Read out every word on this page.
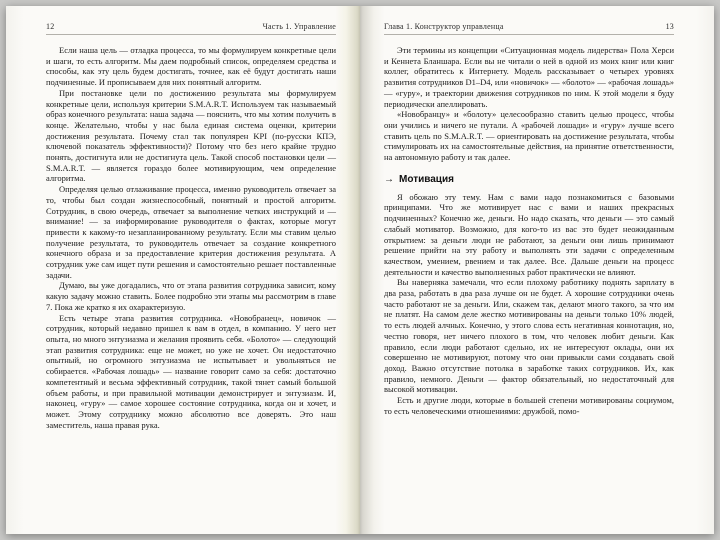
12	Часть 1. Управление

Если наша цель — отладка процесса, то мы формулируем конкретные цели и шаги, то есть алгоритм. Мы даем подробный список, определяем средства и способы, как эту цель будем достигать, точнее, как её будут достигать наши подчиненные. И прописываем для них понятный алгоритм.

При постановке цели по достижению результата мы формулируем конкретные цели, используя критерии S.M.A.R.T. Используем так называемый образ конечного результата: наша задача — пояснить, что мы хотим получить в конце. Желательно, чтобы у нас была единая система оценки, критерии достижения результата. Почему стал так популярен KPI (по-русски КПЭ, ключевой показатель эффективности)? Потому что без него крайне трудно понять, достигнута или не достигнута цель. Такой способ постановки цели — S.M.A.R.T. — является гораздо более мотивирующим, чем определение алгоритма.

Определяя целью отлаживание процесса, именно руководитель отвечает за то, чтобы был создан жизнеспособный, понятный и простой алгоритм. Сотрудник, в свою очередь, отвечает за выполнение четких инструкций и — внимание! — за информирование руководителя о фактах, которые могут привести к какому-то незапланированному результату. Если мы ставим целью получение результата, то руководитель отвечает за создание конкретного конечного образа и за предоставление критерия достижения результата. А сотрудник уже сам ищет пути решения и самостоятельно решает поставленные задачи.

Думаю, вы уже догадались, что от этапа развития сотрудника зависит, кому какую задачу можно ставить. Более подробно эти этапы мы рассмотрим в главе 7. Пока же кратко я их охарактеризую.

Есть четыре этапа развития сотрудника. «Новобранец», новичок — сотрудник, который недавно пришел к вам в отдел, в компанию. У него нет опыта, но много энтузиазма и желания проявить себя. «Болото» — следующий этап развития сотрудника: еще не может, но уже не хочет. Он недостаточно опытный, но огромного энтузиазма не испытывает и увольняться не собирается. «Рабочая лошадь» — название говорит само за себя: достаточно компетентный и весьма эффективный сотрудник, такой тянет самый большой объем работы, и при правильной мотивации демонстрирует и энтузиазм. И, наконец, «гуру» — самое хорошее состояние сотрудника, когда он и хочет, и может. Этому сотруднику можно абсолютно все доверять. Это наш заместитель, наша правая рука.

Глава 1. Конструктор управленца	13

Эти термины из концепции «Ситуационная модель лидерства» Пола Херси и Кеннета Бланшара. Если вы не читали о ней в одной из моих книг или книг коллег, обратитесь к Интернету. Модель рассказывает о четырех уровнях развития сотрудников D1–D4, или «новичок» — «болото» — «рабочая лошадь» — «гуру», и траектории движения сотрудников по ним. К этой модели я буду периодически апеллировать.

«Новобранцу» и «болоту» целесообразно ставить целью процесс, чтобы они учились и ничего не путали. А «рабочей лошади» и «гуру» лучше всего ставить цель по S.M.A.R.T. — ориентировать на достижение результата, чтобы стимулировать их на самостоятельные действия, на принятие ответственности, на автономную работу и так далее.

→ Мотивация

Я обожаю эту тему. Нам с вами надо познакомиться с базовыми принципами. Что же мотивирует нас с вами и наших прекрасных подчиненных? Конечно же, деньги. Но надо сказать, что деньги — это самый слабый мотиватор. Возможно, для кого-то из вас это будет неожиданным открытием: за деньги люди не работают, за деньги они лишь принимают решение прийти на эту работу и выполнять эти задачи с определенным качеством, умением, рвением и так далее. Все. Дальше деньги на процесс деятельности и качество выполненных работ практически не влияют.

Вы наверняка замечали, что если плохому работнику поднять зарплату в два раза, работать в два раза лучше он не будет. А хорошие сотрудники очень часто работают не за деньги. Или, скажем так, делают много такого, за что им не платят. На самом деле жестко мотивированы на деньги только 10% людей, то есть людей алчных. Конечно, у этого слова есть негативная коннотация, но, честно говоря, нет ничего плохого в том, что человек любит деньги. Как правило, если люди работают сдельно, их не интересуют оклады, они их совершенно не мотивируют, потому что они привыкли сами создавать свой доход. Важно отсутствие потолка в заработке таких сотрудников. Их, как правило, немного. Деньги — фактор обязательный, но недостаточный для высокой мотивации.

Есть и другие люди, которые в большей степени мотивированы социумом, то есть человеческими отношениями: дружбой, помо-
